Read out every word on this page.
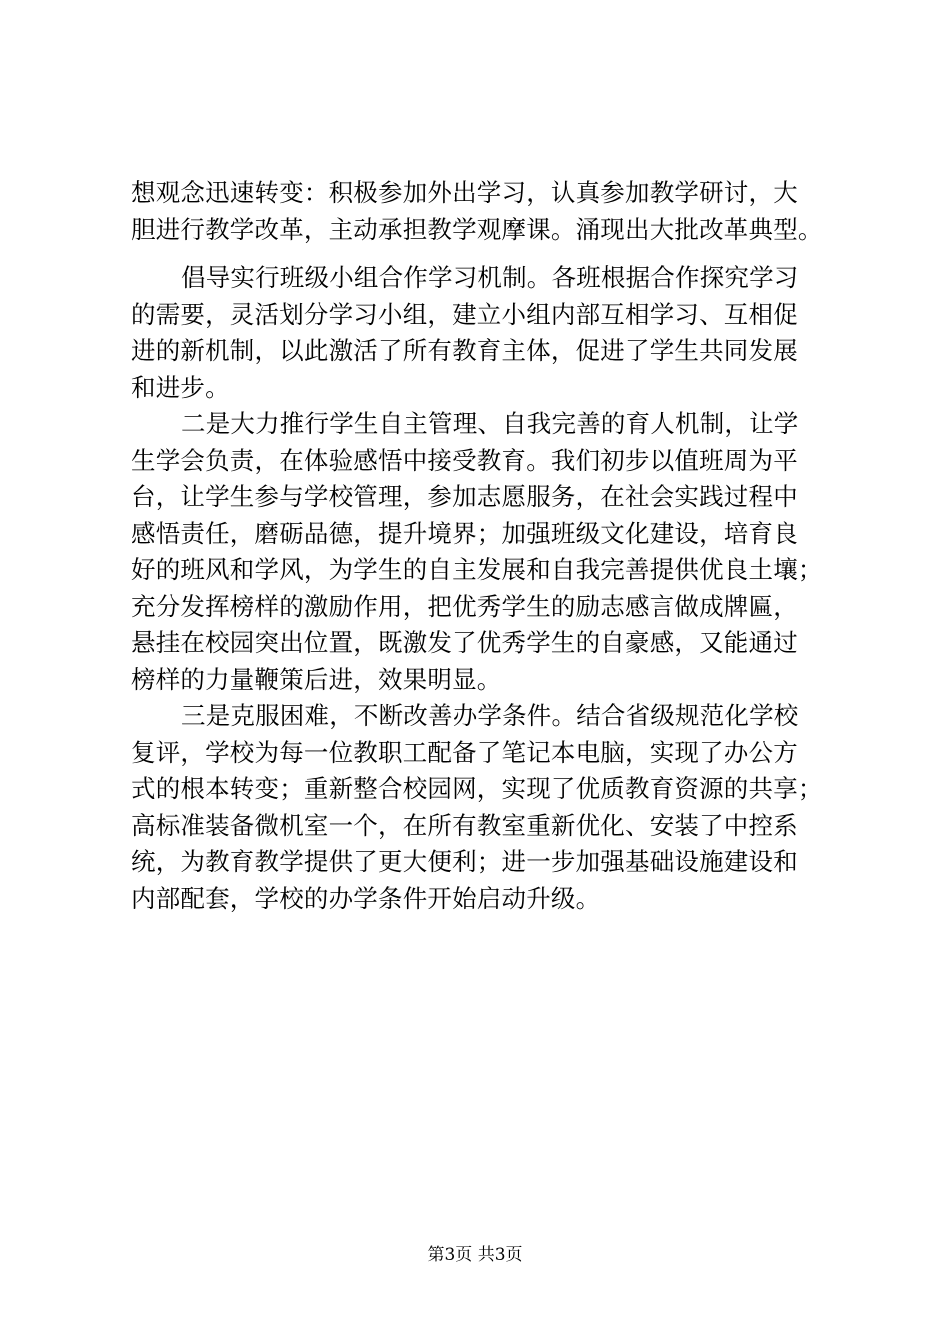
想观念迅速转变：积极参加外出学习，认真参加教学研讨，大
胆进行教学改革，主动承担教学观摩课。涌现出大批改革典型。
倡导实行班级小组合作学习机制。各班根据合作探究学习
的需要，灵活划分学习小组，建立小组内部互相学习、互相促
进的新机制，以此激活了所有教育主体，促进了学生共同发展
和进步。
二是大力推行学生自主管理、自我完善的育人机制，让学
生学会负责，在体验感悟中接受教育。我们初步以值班周为平
台，让学生参与学校管理，参加志愿服务，在社会实践过程中
感悟责任，磨砺品德，提升境界；加强班级文化建设，培育良
好的班风和学风，为学生的自主发展和自我完善提供优良土壤；
充分发挥榜样的激励作用，把优秀学生的励志感言做成牌匾，
悬挂在校园突出位置，既激发了优秀学生的自豪感，又能通过
榜样的力量鞭策后进，效果明显。
三是克服困难，不断改善办学条件。结合省级规范化学校
复评，学校为每一位教职工配备了笔记本电脑，实现了办公方
式的根本转变；重新整合校园网，实现了优质教育资源的共享；
高标准装备微机室一个，在所有教室重新优化、安装了中控系
统，为教育教学提供了更大便利；进一步加强基础设施建设和
内部配套，学校的办学条件开始启动升级。
第3页 共3页
